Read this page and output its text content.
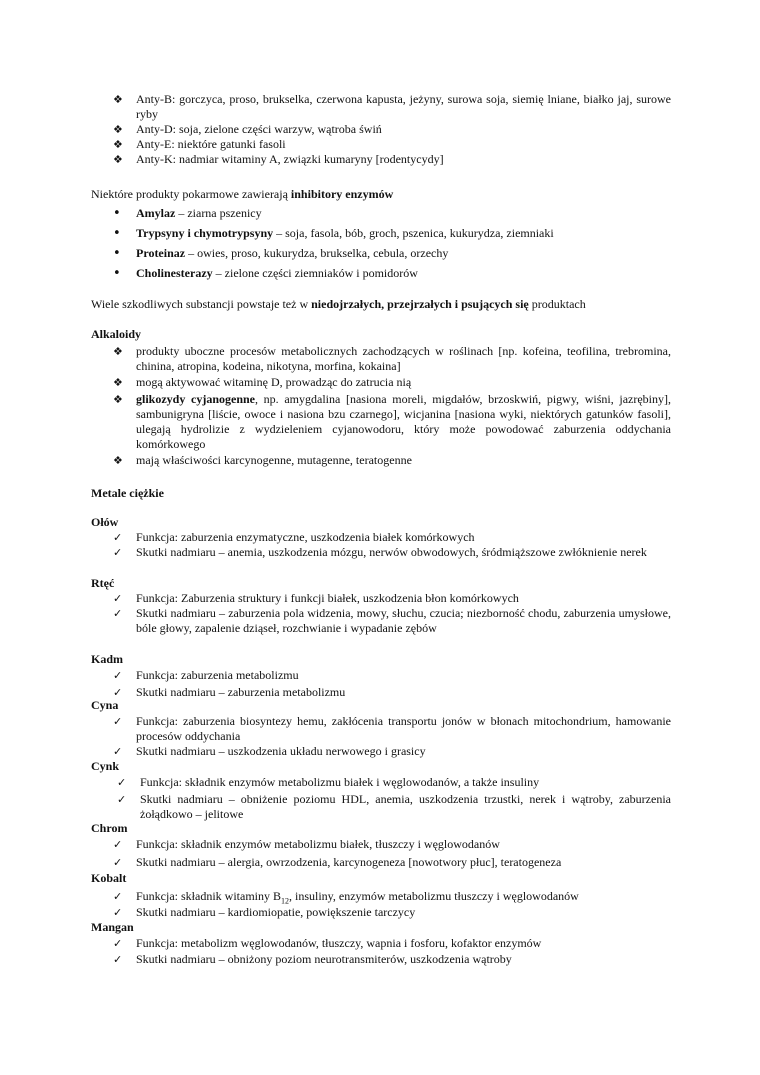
❖	Anty-B: gorczyca, proso, brukselka, czerwona kapusta, jeżyny, surowa soja, siemię lniane, białko jaj, surowe ryby
❖	Anty-D: soja, zielone części warzyw, wątroba świń
❖	Anty-E: niektóre gatunki fasoli
❖	Anty-K: nadmiar witaminy A, związki kumaryny [rodentycydy]
Niektóre produkty pokarmowe zawierają inhibitory enzymów
•	Amylaz – ziarna pszenicy
•	Trypsyny i chymotrypsyny – soja, fasola, bób, groch, pszenica, kukurydza, ziemniaki
•	Proteinaz – owies, proso, kukurydza, brukselka, cebula, orzechy
•	Cholinesterazy – zielone części ziemniaków i pomidorów
Wiele szkodliwych substancji powstaje też w niedojrzałych, przejrzałych i psujących się produktach
Alkaloidy
❖	produkty uboczne procesów metabolicznych zachodzących w roślinach [np. kofeina, teofilina, trebromina, chinina, atropina, kodeina, nikotyna, morfina, kokaina]
❖	mogą aktywować witaminę D, prowadząc do zatrucia nią
❖	glikozydy cyjanogenne, np. amygdalina [nasiona moreli, migdałów, brzoskwiń, pigwy, wiśni, jazrębiny], sambunigryna [liście, owoce i nasiona bzu czarnego], wicjanina [nasiona wyki, niektórych gatunków fasoli], ulegają hydrolizie z wydzieleniem cyjanowodoru, który może powodować zaburzenia oddychania komórkowego
❖	mają właściwości karcynogenne, mutagenne, teratogenne
Metale ciężkie
Ołów
✓	Funkcja: zaburzenia enzymatyczne, uszkodzenia białek komórkowych
✓	Skutki nadmiaru – anemia, uszkodzenia mózgu, nerwów obwodowych, śródmiąższowe zwłóknienie nerek
Rtęć
✓	Funkcja: Zaburzenia struktury i funkcji białek, uszkodzenia błon komórkowych
✓	Skutki nadmiaru – zaburzenia pola widzenia, mowy, słuchu, czucia; niezborność chodu, zaburzenia umysłowe, bóle głowy, zapalenie dziąseł, rozchwianie i wypadanie zębów
Kadm
✓	Funkcja: zaburzenia metabolizmu
✓	Skutki nadmiaru – zaburzenia metabolizmu
Cyna
✓	Funkcja: zaburzenia biosyntezy hemu, zakłócenia transportu jonów w błonach mitochondrium, hamowanie procesów oddychania
✓	Skutki nadmiaru – uszkodzenia układu nerwowego i grasicy
Cynk
✓	Funkcja: składnik enzymów metabolizmu białek i węglowodanów, a także insuliny
✓	Skutki nadmiaru – obniżenie poziomu HDL, anemia, uszkodzenia trzustki, nerek i wątroby, zaburzenia żołądkowo – jelitowe
Chrom
✓	Funkcja: składnik enzymów metabolizmu białek, tłuszczy i węglowodanów
✓	Skutki nadmiaru – alergia, owrzodzenia, karcynogeneza [nowotwory płuc], teratogeneza
Kobalt
✓	Funkcja: składnik witaminy $B_{12}$, insuliny, enzymów metabolizmu tłuszczy i węglowodanów
✓	Skutki nadmiaru – kardiomiopatie, powiększenie tarczycy
Mangan
✓	Funkcja: metabolizm węglowodanów, tłuszczy, wapnia i fosforu, kofaktor enzymów
✓	Skutki nadmiaru – obniżony poziom neurotransmiterów, uszkodzenia wątroby
